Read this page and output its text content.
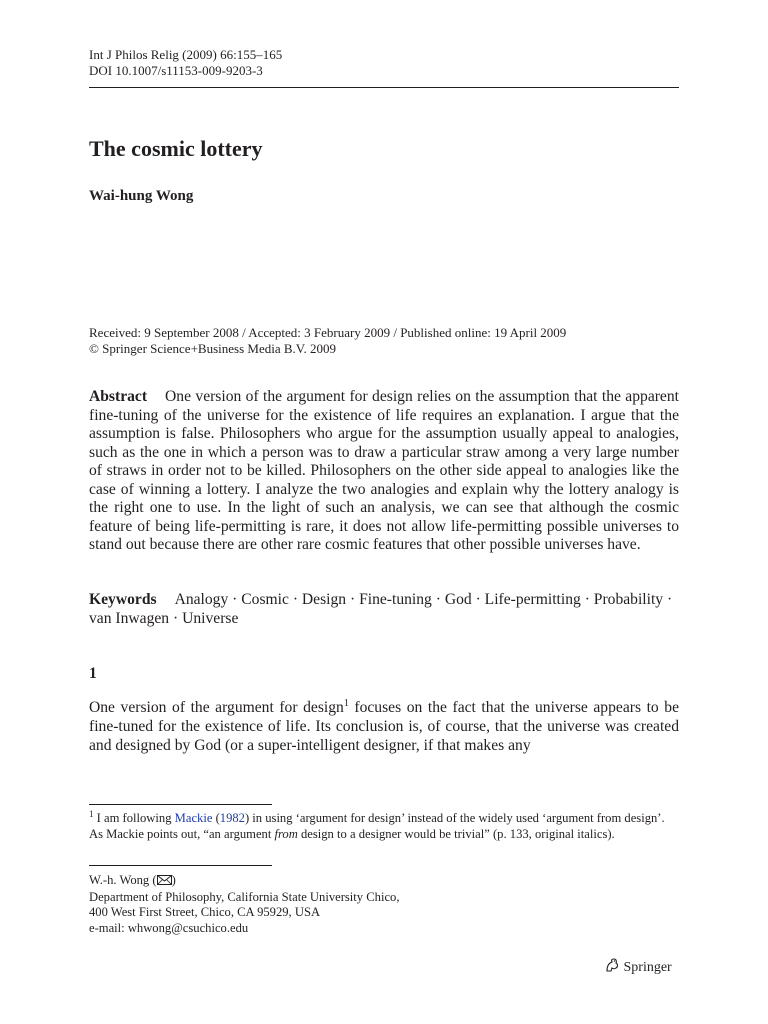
Int J Philos Relig (2009) 66:155–165
DOI 10.1007/s11153-009-9203-3
The cosmic lottery
Wai-hung Wong
Received: 9 September 2008 / Accepted: 3 February 2009 / Published online: 19 April 2009
© Springer Science+Business Media B.V. 2009
Abstract One version of the argument for design relies on the assumption that the apparent fine-tuning of the universe for the existence of life requires an explanation. I argue that the assumption is false. Philosophers who argue for the assumption usually appeal to analogies, such as the one in which a person was to draw a particular straw among a very large number of straws in order not to be killed. Philosophers on the other side appeal to analogies like the case of winning a lottery. I analyze the two analogies and explain why the lottery analogy is the right one to use. In the light of such an analysis, we can see that although the cosmic feature of being life-permitting is rare, it does not allow life-permitting possible universes to stand out because there are other rare cosmic features that other possible universes have.
Keywords Analogy · Cosmic · Design · Fine-tuning · God · Life-permitting · Probability · van Inwagen · Universe
1
One version of the argument for design$^1$ focuses on the fact that the universe appears to be fine-tuned for the existence of life. Its conclusion is, of course, that the universe was created and designed by God (or a super-intelligent designer, if that makes any
$^1$ I am following Mackie (1982) in using ‘argument for design’ instead of the widely used ‘argument from design’. As Mackie points out, “an argument from design to a designer would be trivial” (p. 133, original italics).
W.-h. Wong ( )
Department of Philosophy, California State University Chico,
400 West First Street, Chico, CA 95929, USA
e-mail: whwong@csuchico.edu
Springer
